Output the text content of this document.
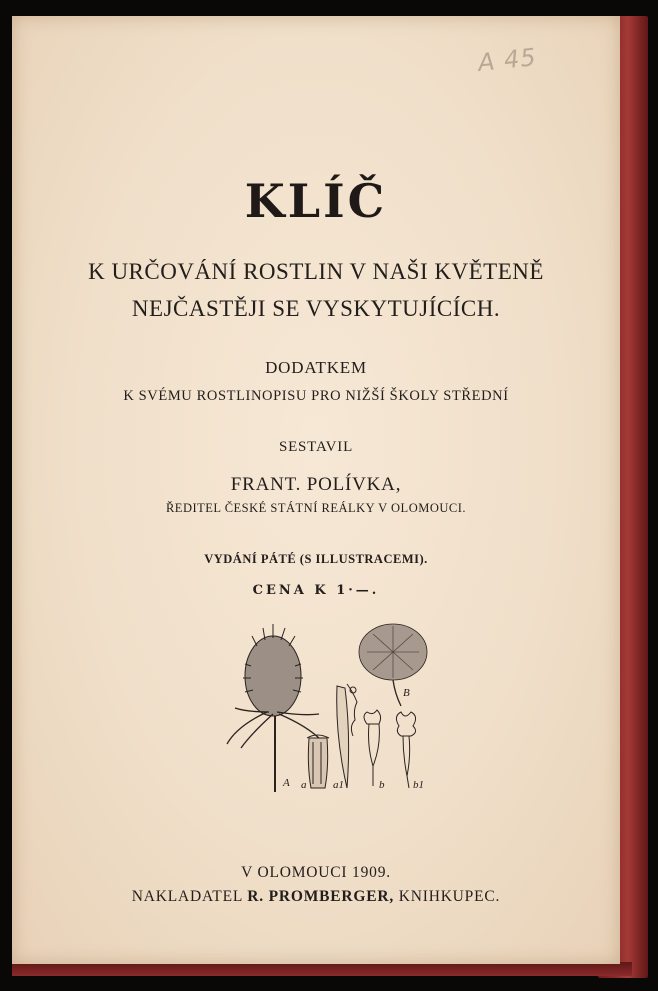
A 45
KLÍČ
K URČOVÁNÍ ROSTLIN V NAŠI KVĚTENĚ
NEJČASTĚJI SE VYSKYTUJÍCÍCH.
DODATKEM
K SVÉMU ROSTLINOPISU PRO NIŽŠÍ ŠKOLY STŘEDNÍ
SESTAVIL
FRANT. POLÍVKA,
ŘEDITEL ČESKÉ STÁTNÍ REÁLKY V OLOMOUCI.
VYDÁNÍ PÁTÉ (S ILLUSTRACEMI).
CENA K 1·—.
A a a1
B
b	b1
V OLOMOUCI 1909.
NAKLADATEL R. PROMBERGER, KNIHKUPEC.
